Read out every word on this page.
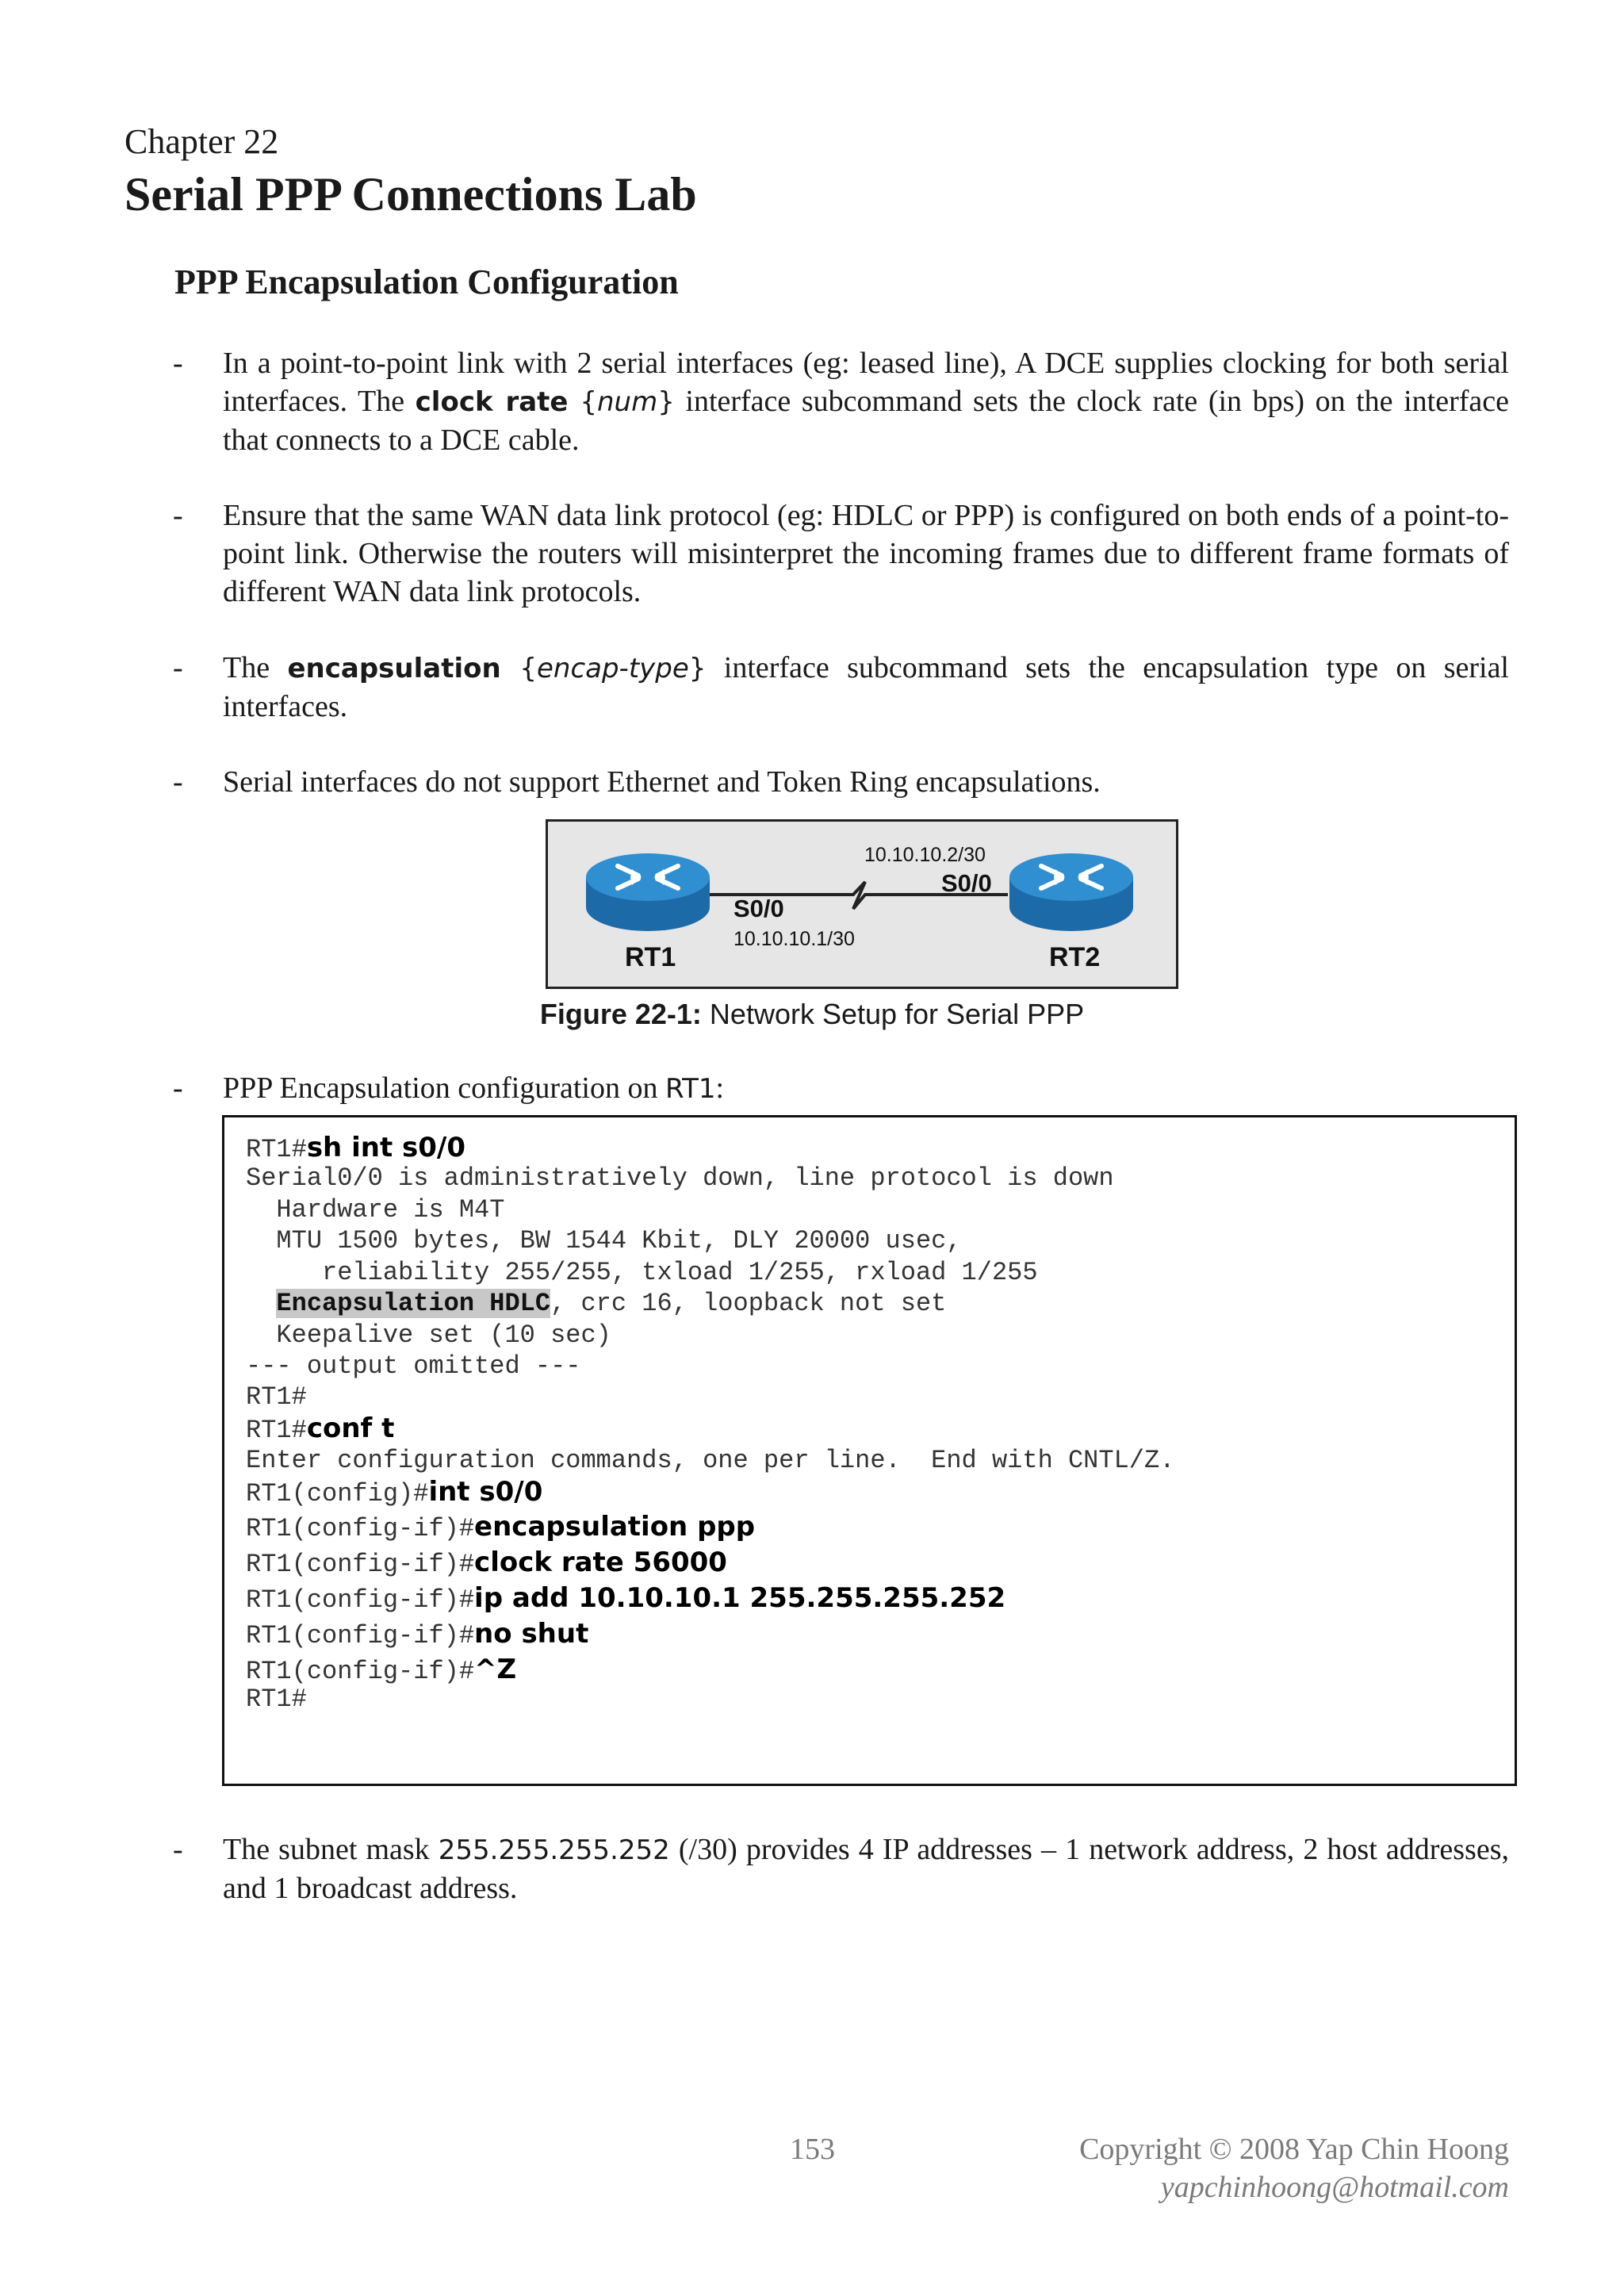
Chapter 22
Serial PPP Connections Lab
PPP Encapsulation Configuration
- In a point-to-point link with 2 serial interfaces (eg: leased line), A DCE supplies clocking for both serial interfaces. The clock rate {num} interface subcommand sets the clock rate (in bps) on the interface that connects to a DCE cable.
- Ensure that the same WAN data link protocol (eg: HDLC or PPP) is configured on both ends of a point-to-point link. Otherwise the routers will misinterpret the incoming frames due to different frame formats of different WAN data link protocols.
- The encapsulation {encap-type} interface subcommand sets the encapsulation type on serial interfaces.
- Serial interfaces do not support Ethernet and Token Ring encapsulations.
10.10.10.2/30
S0/0
S0/0
10.10.10.1/30
RT1	RT2
Figure 22-1: Network Setup for Serial PPP
- PPP Encapsulation configuration on RT1:
RT1#sh int s0/0
Serial0/0 is administratively down, line protocol is down
Hardware is M4T
MTU 1500 bytes, BW 1544 Kbit, DLY 20000 usec,
reliability 255/255, txload 1/255, rxload 1/255
Encapsulation HDLC, crc 16, loopback not set
Keepalive set (10 sec)
--- output omitted ---
RT1#
RT1#conf t
Enter configuration commands, one per line.  End with CNTL/Z.
RT1(config)#int s0/0
RT1(config-if)#encapsulation ppp
RT1(config-if)#clock rate 56000
RT1(config-if)#ip add 10.10.10.1 255.255.255.252
RT1(config-if)#no shut
RT1(config-if)#^Z
RT1#
- The subnet mask 255.255.255.252 (/30) provides 4 IP addresses – 1 network address, 2 host addresses, and 1 broadcast address.
153	Copyright © 2008 Yap Chin Hoong
yapchinhoong@hotmail.com
